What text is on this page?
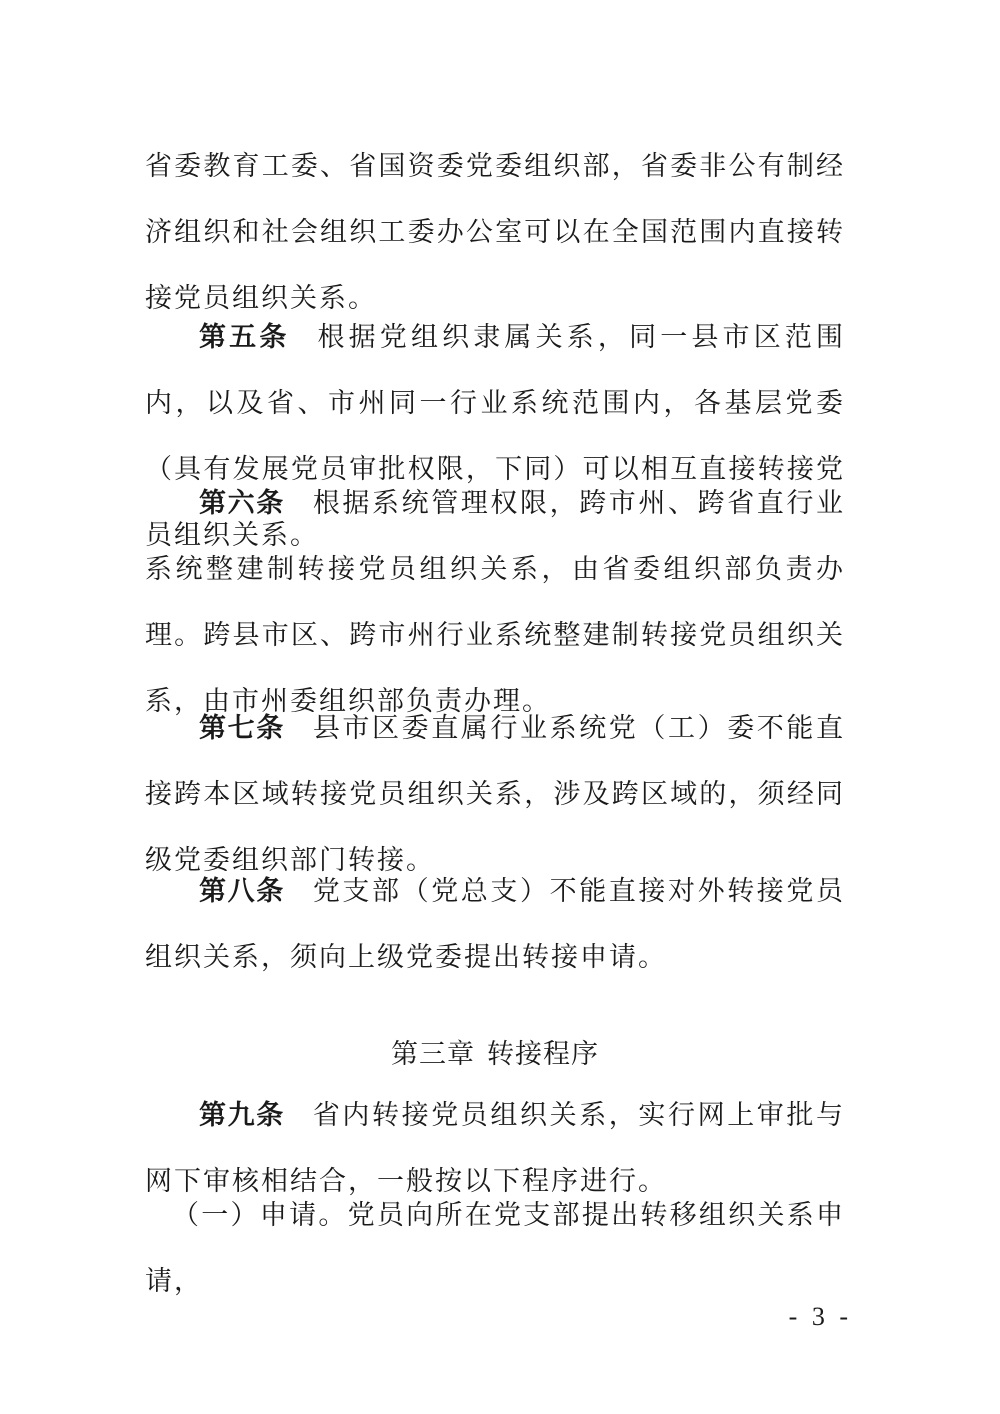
省委教育工委、省国资委党委组织部，省委非公有制经济组织和社会组织工委办公室可以在全国范围内直接转接党员组织关系。

第五条 根据党组织隶属关系，同一县市区范围内，以及省、市州同一行业系统范围内，各基层党委（具有发展党员审批权限，下同）可以相互直接转接党员组织关系。

第六条 根据系统管理权限，跨市州、跨省直行业系统整建制转接党员组织关系，由省委组织部负责办理。跨县市区、跨市州行业系统整建制转接党员组织关系，由市州委组织部负责办理。

第七条 县市区委直属行业系统党（工）委不能直接跨本区域转接党员组织关系，涉及跨区域的，须经同级党委组织部门转接。

第八条 党支部（党总支）不能直接对外转接党员组织关系，须向上级党委提出转接申请。

第三章 转接程序

第九条 省内转接党员组织关系，实行网上审批与网下审核相结合，一般按以下程序进行。

（一）申请。党员向所在党支部提出转移组织关系申请，

- 3 -
